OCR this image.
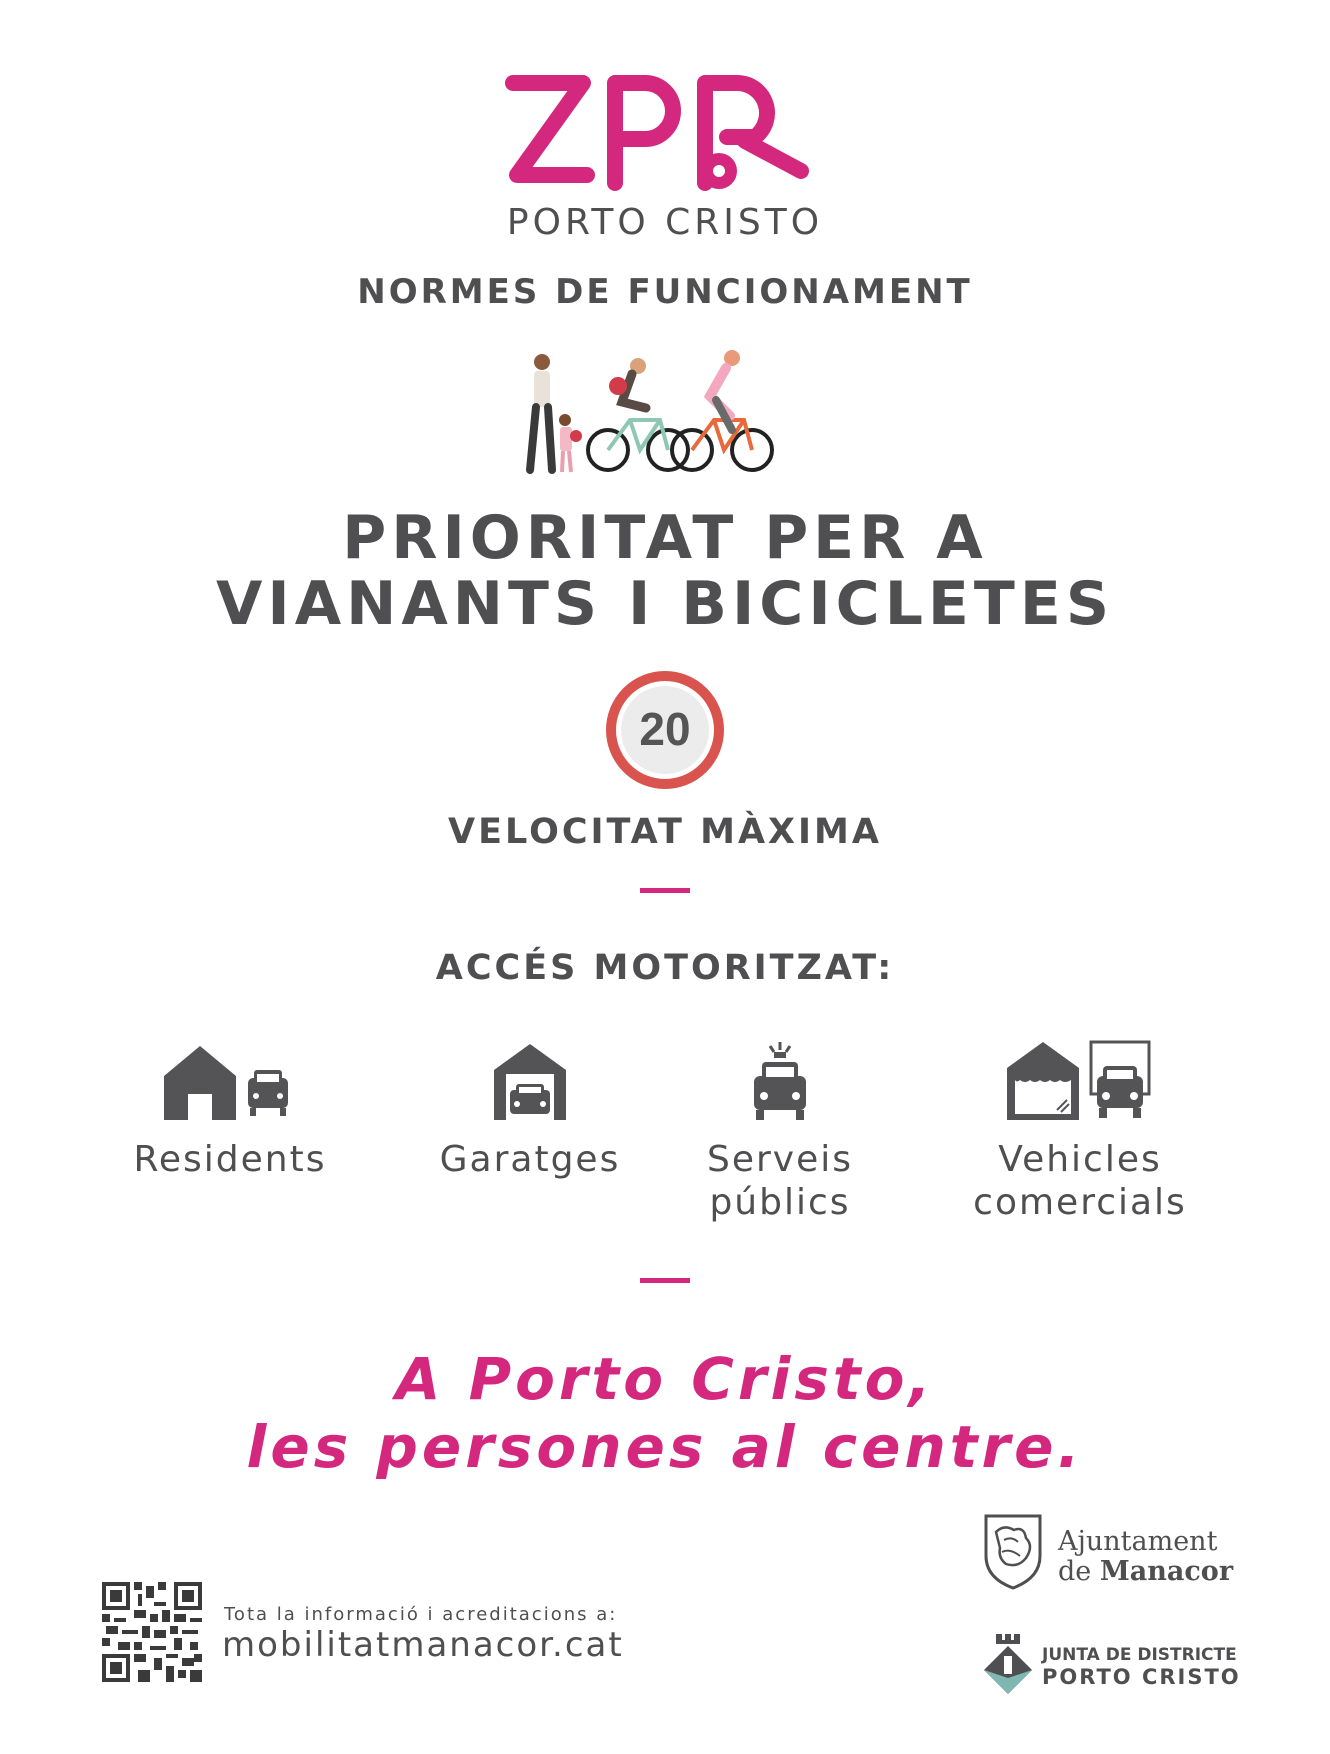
PORTO CRISTO
NORMES DE FUNCIONAMENT
PRIORITAT PER A
VIANANTS I BICICLETES
20
VELOCITAT MÀXIMA
ACCÉS MOTORITZAT:
Residents	Garatges	Serveis
públics
Vehicles
comercials
A Porto Cristo,
les persones al centre.
Tota la informació i acreditacions a:
mobilitatmanacor.cat
Ajuntament
de Manacor
JUNTA DE DISTRICTE
PORTO CRISTO
